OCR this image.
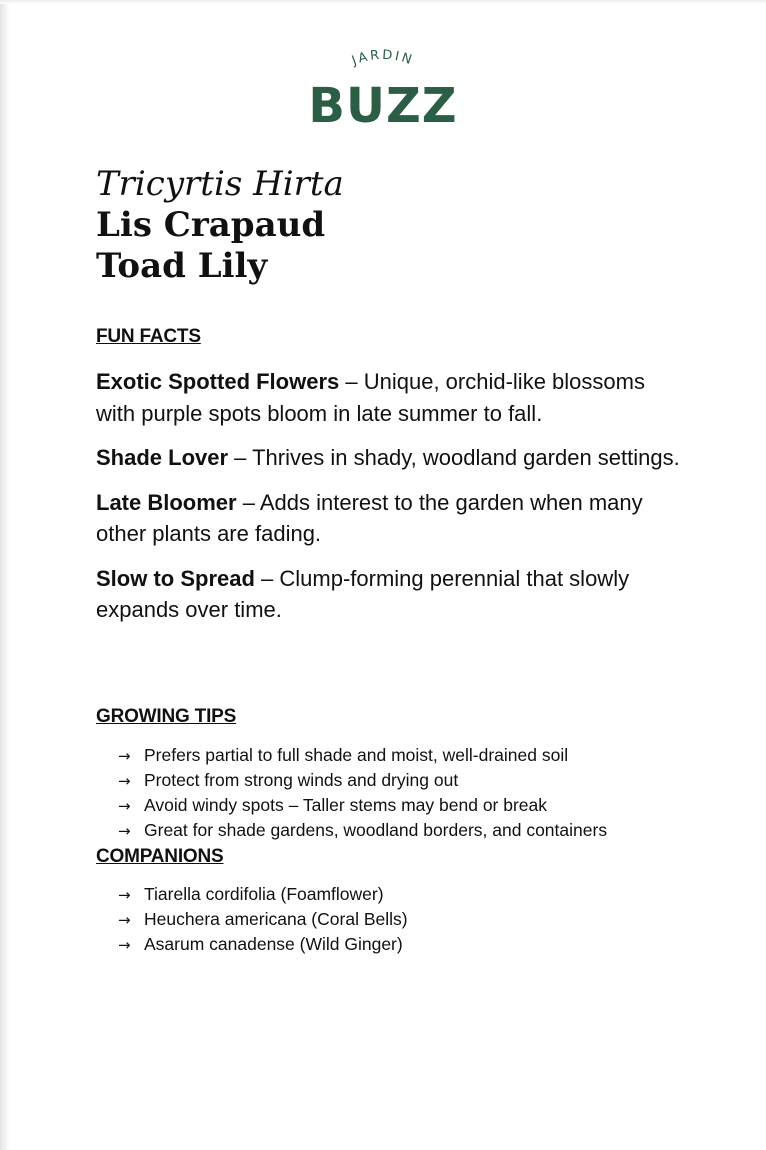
JARDIN
BUZZ

Tricyrtis Hirta

Lis Crapaud

Toad Lily

FUN FACTS

Exotic Spotted Flowers – Unique, orchid-like blossoms with purple spots bloom in late summer to fall.

Shade Lover – Thrives in shady, woodland garden settings.

Late Bloomer – Adds interest to the garden when many other plants are fading.

Slow to Spread – Clump-forming perennial that slowly expands over time.

GROWING TIPS
→ Prefers partial to full shade and moist, well-drained soil
→ Protect from strong winds and drying out
→ Avoid windy spots – Taller stems may bend or break
→ Great for shade gardens, woodland borders, and containers
COMPANIONS
→ Tiarella cordifolia (Foamflower)
→ Heuchera americana (Coral Bells)
→ Asarum canadense (Wild Ginger)
